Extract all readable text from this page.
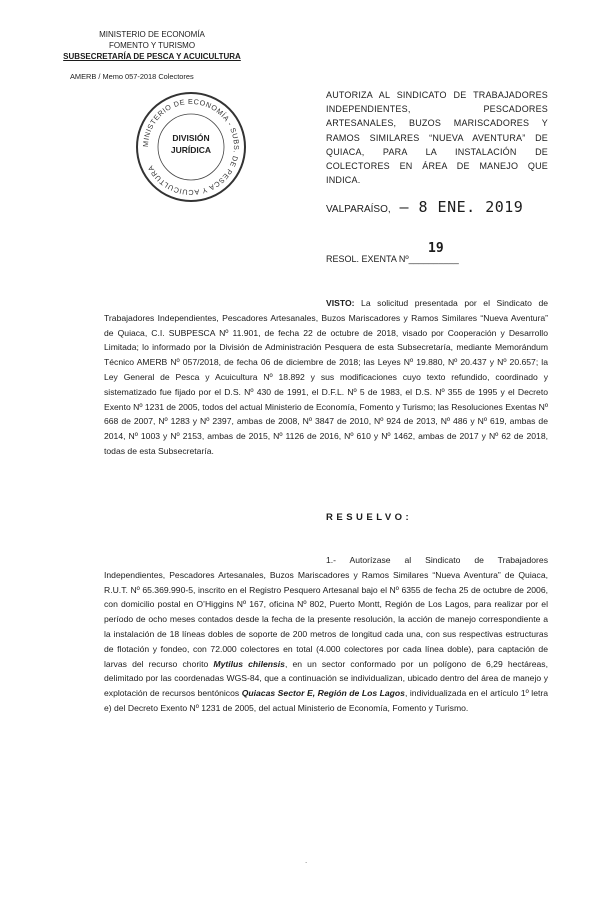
MINISTERIO DE ECONOMÍA
FOMENTO Y TURISMO
SUBSECRETARÍA DE PESCA Y ACUICULTURA
AMERB / Memo 057-2018 Colectores
AUTORIZA AL SINDICATO DE TRABAJADORES INDEPENDIENTES, PESCADORES ARTESANALES, BUZOS MARISCADORES Y RAMOS SIMILARES “NUEVA AVENTURA” DE QUIACA, PARA LA INSTALACIÓN DE COLECTORES EN ÁREA DE MANEJO QUE INDICA.
MINISTERIO DE ECONOMÍA - SUBS. DE PESCA Y ACUICULTURA
DIVISIÓN
JURÍDICA
VALPARAÍSO, – 8 ENE. 2019
RESOL. EXENTA Nº__________
19
VISTO: La solicitud presentada por el Sindicato de Trabajadores Independientes, Pescadores Artesanales, Buzos Mariscadores y Ramos Similares “Nueva Aventura” de Quiaca, C.I. SUBPESCA Nº 11.901, de fecha 22 de octubre de 2018, visado por Cooperación y Desarrollo Limitada; lo informado por la División de Administración Pesquera de esta Subsecretaría, mediante Memorándum Técnico AMERB Nº 057/2018, de fecha 06 de diciembre de 2018; las Leyes Nº 19.880, Nº 20.437 y Nº 20.657; la Ley General de Pesca y Acuicultura Nº 18.892 y sus modificaciones cuyo texto refundido, coordinado y sistematizado fue fijado por el D.S. Nº 430 de 1991, el D.F.L. Nº 5 de 1983, el D.S. Nº 355 de 1995 y el Decreto Exento Nº 1231 de 2005, todos del actual Ministerio de Economía, Fomento y Turismo; las Resoluciones Exentas Nº 668 de 2007, Nº 1283 y Nº 2397, ambas de 2008, Nº 3847 de 2010, Nº 924 de 2013, Nº 486 y Nº 619, ambas de 2014, Nº 1003 y Nº 2153, ambas de 2015, Nº 1126 de 2016, Nº 610 y Nº 1462, ambas de 2017 y Nº 62 de 2018, todas de esta Subsecretaría.
RESUELVO:
1.- Autorízase al Sindicato de Trabajadores Independientes, Pescadores Artesanales, Buzos Mariscadores y Ramos Similares “Nueva Aventura” de Quiaca, R.U.T. Nº 65.369.990-5, inscrito en el Registro Pesquero Artesanal bajo el Nº 6355 de fecha 25 de octubre de 2006, con domicilio postal en O’Higgins Nº 167, oficina Nº 802, Puerto Montt, Región de Los Lagos, para realizar por el período de ocho meses contados desde la fecha de la presente resolución, la acción de manejo correspondiente a la instalación de 18 líneas dobles de soporte de 200 metros de longitud cada una, con sus respectivas estructuras de flotación y fondeo, con 72.000 colectores en total (4.000 colectores por cada línea doble), para captación de larvas del recurso chorito Mytilus chilensis, en un sector conformado por un polígono de 6,29 hectáreas, delimitado por las coordenadas WGS-84, que a continuación se individualizan, ubicado dentro del área de manejo y explotación de recursos bentónicos Quiacas Sector E, Región de Los Lagos, individualizada en el artículo 1º letra e) del Decreto Exento Nº 1231 de 2005, del actual Ministerio de Economía, Fomento y Turismo.
.
